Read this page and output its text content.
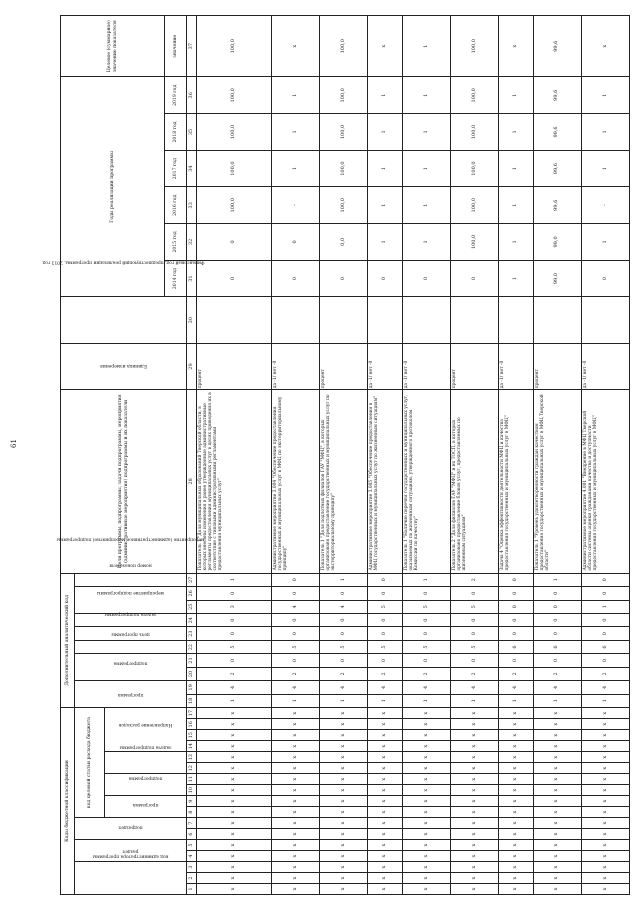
61
Коды бюджетной классификации																	Дополнительный аналитический код										Цели программы, подпрограммы, задачи подпрограммы, мероприятия (административные мероприятия) подпрограммы и их показатели	Единица измерения	Финансовый год, предшествующий реализации программы, 2013 год	Годы реализации программы						Целевое (суммарное) значение показателя
код администратора программы			раздел		подраздел		код целевой статьи расхода бюджета										программа		подпрограмма		цель программы	задача подпрограммы	мероприятие подпрограммы	мероприятие (административное мероприятие) подпрограммы		номер показателя										
							программа		подпрограмма		задача подпрограммы		Направление расходов																							
																														2014 год	2015 год	2016 год	2017 год	2018 год	2019 год	значение
1	2	3	4	5	6	7	8	9	10	11	12	13	14	15	16	17	18	19	20	21	22	23	24	25	26	27	28	29	30	31	32	33	34	35	36	37
x	x	x	x	x	x	x	x	x	x	x	x	x	x	x	x	x	1	4	2	0	5	0	0	3	0	1	Показатель 1 "Доля муниципальных образований Тверской области, в которых внесены изменения в ранее утвержденные административные регламенты предоставления муниципальных услуг в целях приведения их в соответствие с типовыми административными регламентами предоставления муниципальных услуг"	процент		0	0	100,0	100,0	100,0	100,0	100,0
x	x	x	x	x	x	x	x	x	x	x	x	x	x	x	x	x	1	4	2	0	5	0	0	4	0	0	Административное мероприятие 3.004 "Обеспечение предоставления государственных и муниципальных услуг в МФЦ по экстерриториальному принципу"	да -1/ нет -0		0	0	-	1	1	1	x
x	x	x	x	x	x	x	x	x	x	x	x	x	x	x	x	x	1	4	2	0	5	0	0	4	0	1	Показатель 1 "Доля подлотных филиалов ГАУ "МФЦ", в которых организовано предоставление государственных и муниципальных услуг по экстерриториальному принципу"	процент		0	0,0	100,0	100,0	100,0	100,0	100,0
x	x	x	x	x	x	x	x	x	x	x	x	x	x	x	x	x	1	4	2	0	5	0	0	5	0	0	Административное мероприятие 3.005 "Обеспечение предоставления в МФЦ государственных и муниципальных услуг по жизненным ситуациям"	да -1/ нет -0		0	1	1	1	1	1	x
x	x	x	x	x	x	x	x	x	x	x	x	x	x	x	x	x	1	4	2	0	5	0	0	5	0	1	Показатель 1 "Наличие перечня государственных и муниципальных услуг, оказываемых по жизненным ситуациям, утвержденного протоколом Комиссии по качеству"	да -1/ нет -0		0	1	1	1	1	1	1
x	x	x	x	x	x	x	x	x	x	x	x	x	x	x	x	x	1	4	2	0	5	0	0	5	0	2	Показатель 2 "Доля филиалов ГАУ "МФЦ" и их ТОСП, в которых организовано предоставление блоков услуг, предоставляемых по жизненным ситуациям"	процент		0	100,0	100,0	100,0	100,0	100,0	100,0
x	x	x	x	x	x	x	x	x	x	x	x	x	x	x	x	x	1	4	2	0	6	0	0	0	0	0	Задача 4 "Оценка эффективности деятельности МФЦ и качества предоставления государственных и муниципальных услуг в МФЦ"	да -1/ нет -0		1	1	1	1	1	1	x
x	x	x	x	x	x	x	x	x	x	x	x	x	x	x	x	x	1	4	2	0	6	0	0	0	0	1	Показатель 1 "Уровень удовлетворенности граждан качеством предоставления государственных и муниципальных услуг в МФЦ Тверской области"	процент		99,0	99,0	99,6	99,6	99,6	99,6	99,6
x	x	x	x	x	x	x	x	x	x	x	x	x	x	x	x	x	1	4	2	0	6	0	0	1	0	0	Административное мероприятие 4.001 "Внедрение в МФЦ Тверской области системы оценки гражданами качества и доступности предоставления государственных и муниципальных услуг в МФЦ"	да -1/ нет -0		0	1	-	1	1	1	x
